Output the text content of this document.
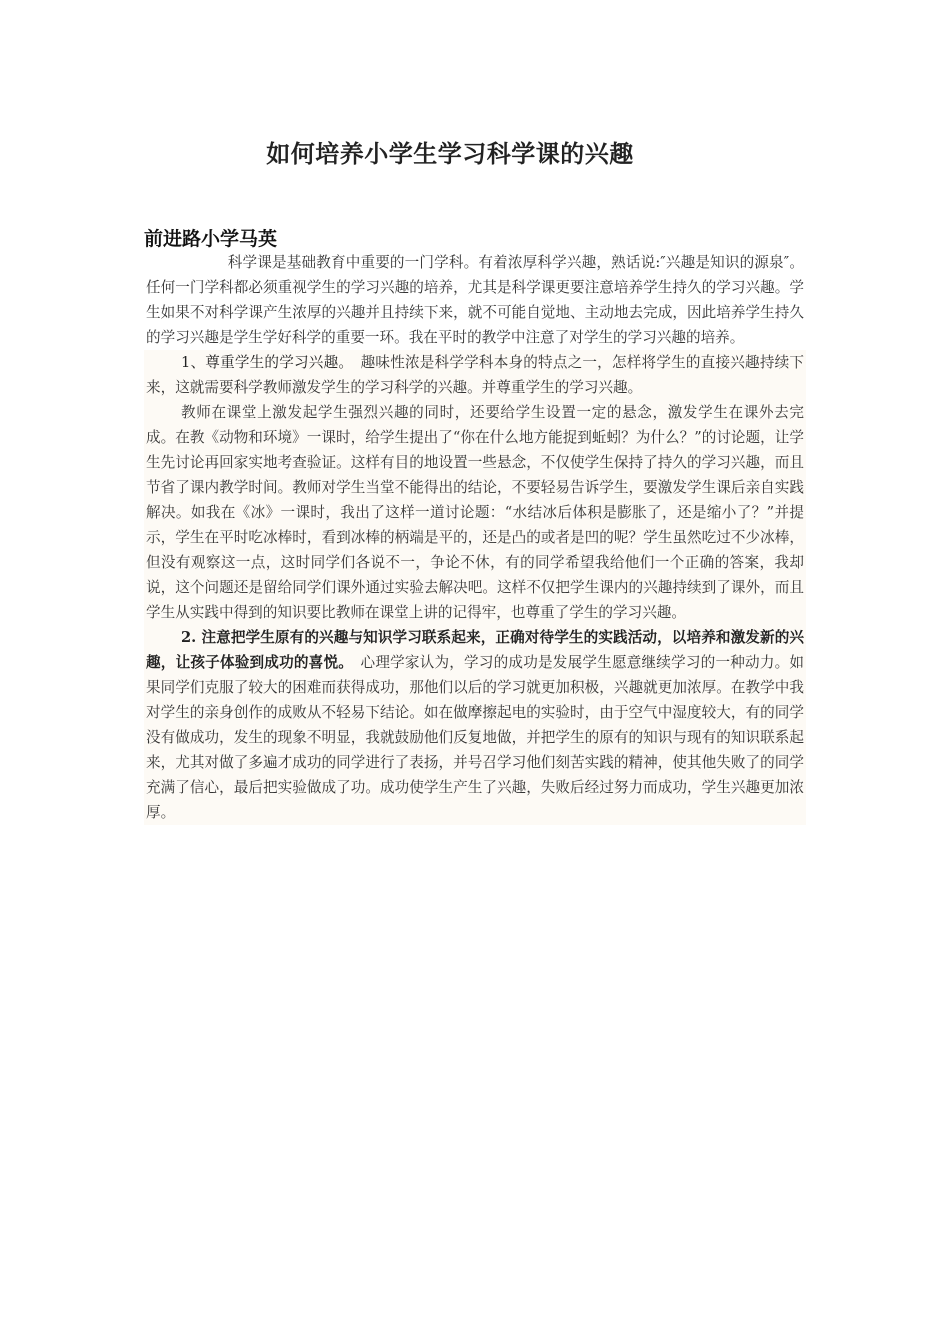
如何培养小学生学习科学课的兴趣
前进路小学马英

科学课是基础教育中重要的一门学科。有着浓厚科学兴趣，熟话说:″兴趣是知识的源泉″。任何一门学科都必须重视学生的学习兴趣的培养，尤其是科学课更要注意培养学生持久的学习兴趣。学生如果不对科学课产生浓厚的兴趣并且持续下来，就不可能自觉地、主动地去完成，因此培养学生持久的学习兴趣是学生学好科学的重要一环。我在平时的教学中注意了对学生的学习兴趣的培养。

1、尊重学生的学习兴趣。　趣味性浓是科学学科本身的特点之一，怎样将学生的直接兴趣持续下来，这就需要科学教师激发学生的学习科学的兴趣。并尊重学生的学习兴趣。

教师在课堂上激发起学生强烈兴趣的同时，还要给学生设置一定的悬念，激发学生在课外去完成。在教《动物和环境》一课时，给学生提出了“你在什么地方能捉到蚯蚓？为什么？”的讨论题，让学生先讨论再回家实地考查验证。这样有目的地设置一些悬念，不仅使学生保持了持久的学习兴趣，而且节省了课内教学时间。教师对学生当堂不能得出的结论，不要轻易告诉学生，要激发学生课后亲自实践解决。如我在《冰》一课时，我出了这样一道讨论题：“水结冰后体积是膨胀了，还是缩小了？”并提示，学生在平时吃冰棒时，看到冰棒的柄端是平的，还是凸的或者是凹的呢？学生虽然吃过不少冰棒，但没有观察这一点，这时同学们各说不一，争论不休，有的同学希望我给他们一个正确的答案，我却说，这个问题还是留给同学们课外通过实验去解决吧。这样不仅把学生课内的兴趣持续到了课外，而且学生从实践中得到的知识要比教师在课堂上讲的记得牢，也尊重了学生的学习兴趣。

2. 注意把学生原有的兴趣与知识学习联系起来，正确对待学生的实践活动，以培养和激发新的兴趣，让孩子体验到成功的喜悦。　心理学家认为，学习的成功是发展学生愿意继续学习的一种动力。如果同学们克服了较大的困难而获得成功，那他们以后的学习就更加积极，兴趣就更加浓厚。在教学中我对学生的亲身创作的成败从不轻易下结论。如在做摩擦起电的实验时，由于空气中湿度较大，有的同学没有做成功，发生的现象不明显，我就鼓励他们反复地做，并把学生的原有的知识与现有的知识联系起来，尤其对做了多遍才成功的同学进行了表扬，并号召学习他们刻苦实践的精神，使其他失败了的同学充满了信心，最后把实验做成了功。成功使学生产生了兴趣，失败后经过努力而成功，学生兴趣更加浓厚。
